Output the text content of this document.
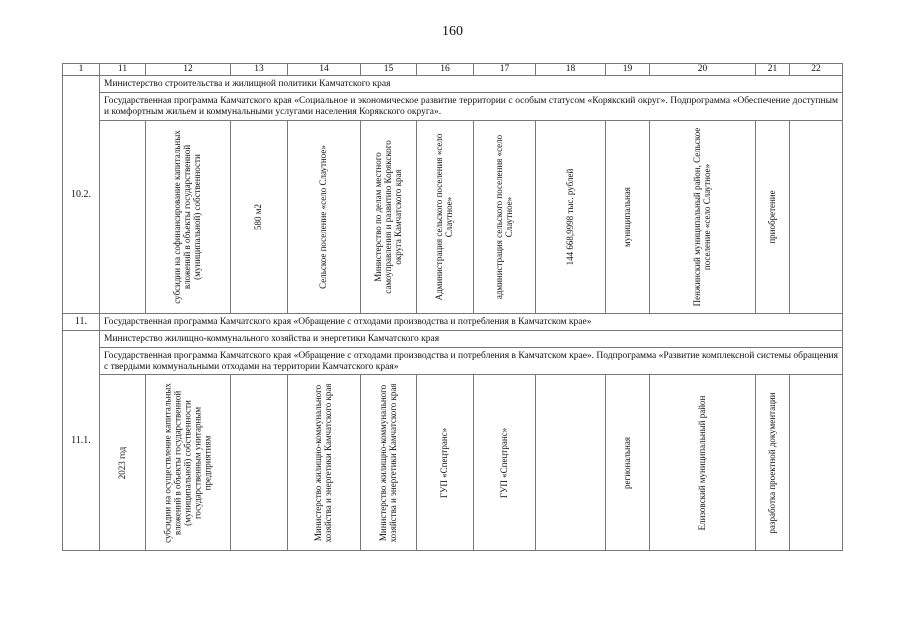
160
1	11	12	13	14	15	16	17	18	19	20	21	22
10.2.	Министерство строительства и жилищной политики Камчатского края											
	Государственная программа Камчатского края «Социальное и экономическое развитие территории с особым статусом «Корякский округ». Подпрограмма «Обеспечение доступным и комфортным жильем и коммунальными услугами населения Корякского округа».											

		субсидии на софинансирование капитальных вложений в объекты государственной (муниципальной) собственности	580 м2	Сельское поселение «село Слаутное»	Министерство по делам местного самоуправления и развитию Корякского округа Камчатского края	Администрация сельского поселения «село Слаутное»	администрация сельского поселения «село Слаутное»	144 668,9998 тыс. рублей	муниципальная	Пенжинский муниципальный район, Сельское поселение «село Слаутное»	приобретение	

11.	Государственная программа Камчатского края «Обращение с отходами производства и потребления в Камчатском крае»											
11.1.	Министерство жилищно-коммунального хозяйства и энергетики Камчатского края											
	Государственная программа Камчатского края «Обращение с отходами производства и потребления в Камчатском крае». Подпрограмма «Развитие комплексной системы обращения с твердыми коммунальными отходами на территории Камчатского края»											

	2023 год	субсидии на осуществление капитальных вложений в объекты государственной (муниципальной) собственности государственным унитарным предприятиям		Министерство жилищно-коммунального хозяйства и энергетики Камчатского края	Министерство жилищно-коммунального хозяйства и энергетики Камчатского края	ГУП «Спецтранс»	ГУП «Спецтранс»		региональная	Елизовский муниципальный район	разработка проектной документации	
